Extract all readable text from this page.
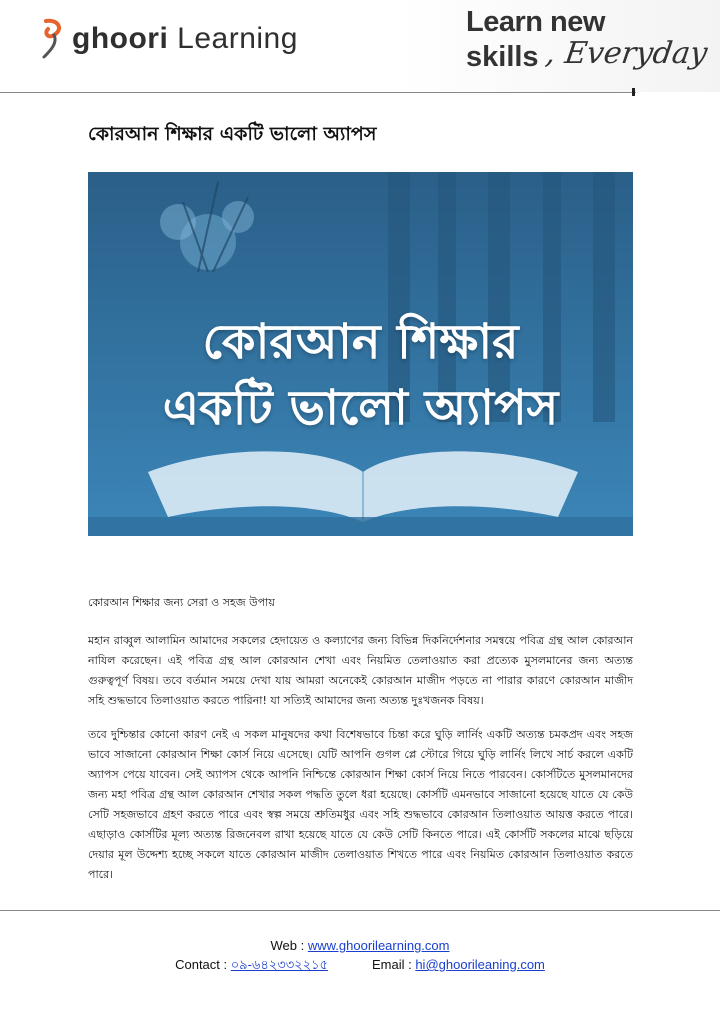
ghoori Learning	Learn new
skills , Everyday
কোরআন শিক্ষার একটি ভালো অ্যাপস
কোরআন শিক্ষার
একটি ভালো অ্যাপস

কোরআন শিক্ষার জন্য সেরা ও সহজ উপায়

মহান রাব্বুল আলামিন আমাদের সকলের হেদায়েত ও কল্যাণের জন্য বিভিন্ন দিকনির্দেশনার সমন্বয়ে পবিত্র গ্রন্থ আল কোরআন নাযিল করেছেন। এই পবিত্র গ্রন্থ আল কোরআন শেখা এবং নিয়মিত তেলাওয়াত করা প্রত্যেক মুসলমানের জন্য অত্যন্ত গুরুত্বপূর্ণ বিষয়। তবে বর্তমান সময়ে দেখা যায় আমরা অনেকেই কোরআন মাজীদ পড়তে না পারার কারণে কোরআন মাজীদ সহি শুদ্ধভাবে তিলাওয়াত করতে পারিনা! যা সত্যিই আমাদের জন্য অত্যন্ত দুঃখজনক বিষয়।

তবে দুশ্চিন্তার কোনো কারণ নেই এ সকল মানুষদের কথা বিশেষভাবে চিন্তা করে ঘুড়ি লার্নিং একটি অত্যন্ত চমকপ্রদ এবং সহজ ভাবে সাজানো কোরআন শিক্ষা কোর্স নিয়ে এসেছে। যেটি আপনি গুগল প্লে স্টোরে গিয়ে ঘুড়ি লার্নিং লিখে সার্চ করলে একটি অ্যাপস পেয়ে যাবেন। সেই অ্যাপস থেকে আপনি নিশ্চিন্তে কোরআন শিক্ষা কোর্স নিয়ে নিতে পারবেন। কোর্সটিতে মুসলমানদের জন্য মহা পবিত্র গ্রন্থ আল কোরআন শেখার সকল পদ্ধতি তুলে ধরা হয়েছে। কোর্সটি এমনভাবে সাজানো হয়েছে যাতে যে কেউ সেটি সহজভাবে গ্রহণ করতে পারে এবং স্বল্প সময়ে শ্রুতিমধুর এবং সহি শুদ্ধভাবে কোরআন তিলাওয়াত আয়ত্ত করতে পারে। এছাড়াও কোর্সটির মূল্য অত্যন্ত রিজনেবল রাখা হয়েছে যাতে যে কেউ সেটি কিনতে পারে। এই কোর্সটি সকলের মাঝে ছড়িয়ে দেয়ার মূল উদ্দেশ্য হচ্ছে সকলে যাতে কোরআন মাজীদ তেলাওয়াত শিখতে পারে এবং নিয়মিত কোরআন তিলাওয়াত করতে পারে।

Web : www.ghoorilearning.com
Contact : ০৯-৬৪২৩৩২২১৫	Email : hi@ghoorileaning.com
